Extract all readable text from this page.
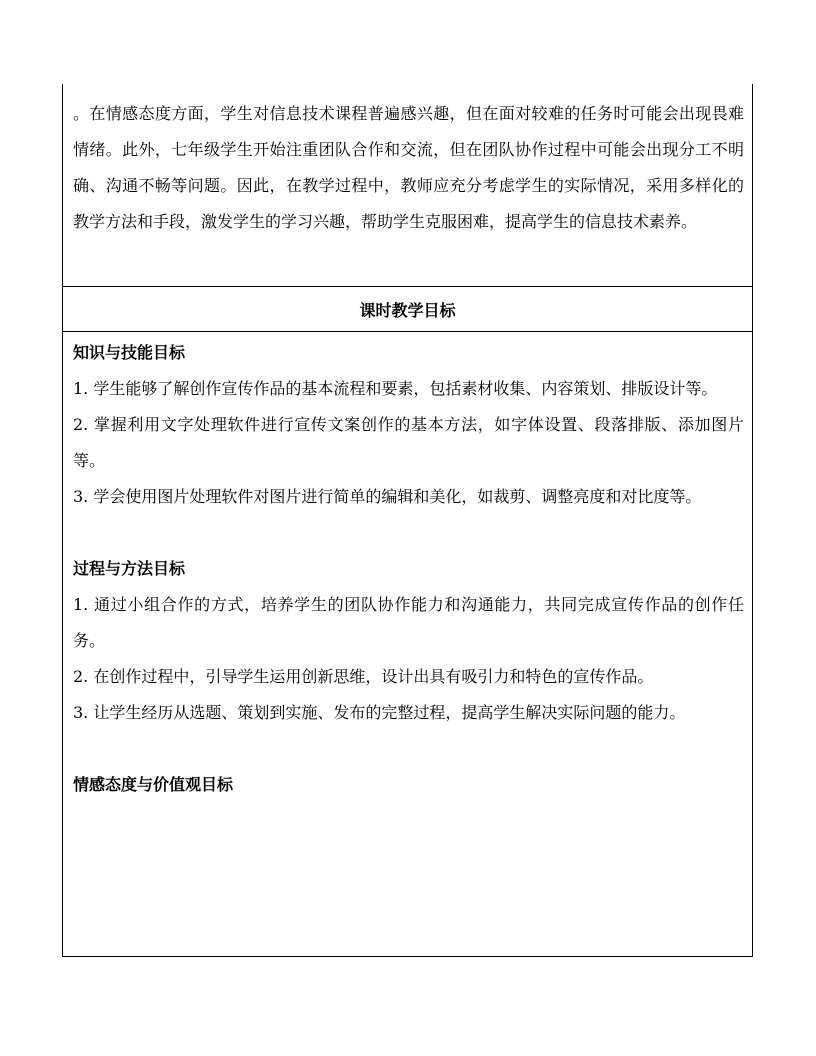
。在情感态度方面，学生对信息技术课程普遍感兴趣，但在面对较难的任务时可能会出现畏难情绪。此外，七年级学生开始注重团队合作和交流，但在团队协作过程中可能会出现分工不明确、沟通不畅等问题。因此，在教学过程中，教师应充分考虑学生的实际情况，采用多样化的教学方法和手段，激发学生的学习兴趣，帮助学生克服困难，提高学生的信息技术素养。

课时教学目标
知识与技能目标

1. 学生能够了解创作宣传作品的基本流程和要素，包括素材收集、内容策划、排版设计等。

2. 掌握利用文字处理软件进行宣传文案创作的基本方法，如字体设置、段落排版、添加图片等。

3. 学会使用图片处理软件对图片进行简单的编辑和美化，如裁剪、调整亮度和对比度等。

过程与方法目标

1. 通过小组合作的方式，培养学生的团队协作能力和沟通能力，共同完成宣传作品的创作任务。

2. 在创作过程中，引导学生运用创新思维，设计出具有吸引力和特色的宣传作品。

3. 让学生经历从选题、策划到实施、发布的完整过程，提高学生解决实际问题的能力。

情感态度与价值观目标
